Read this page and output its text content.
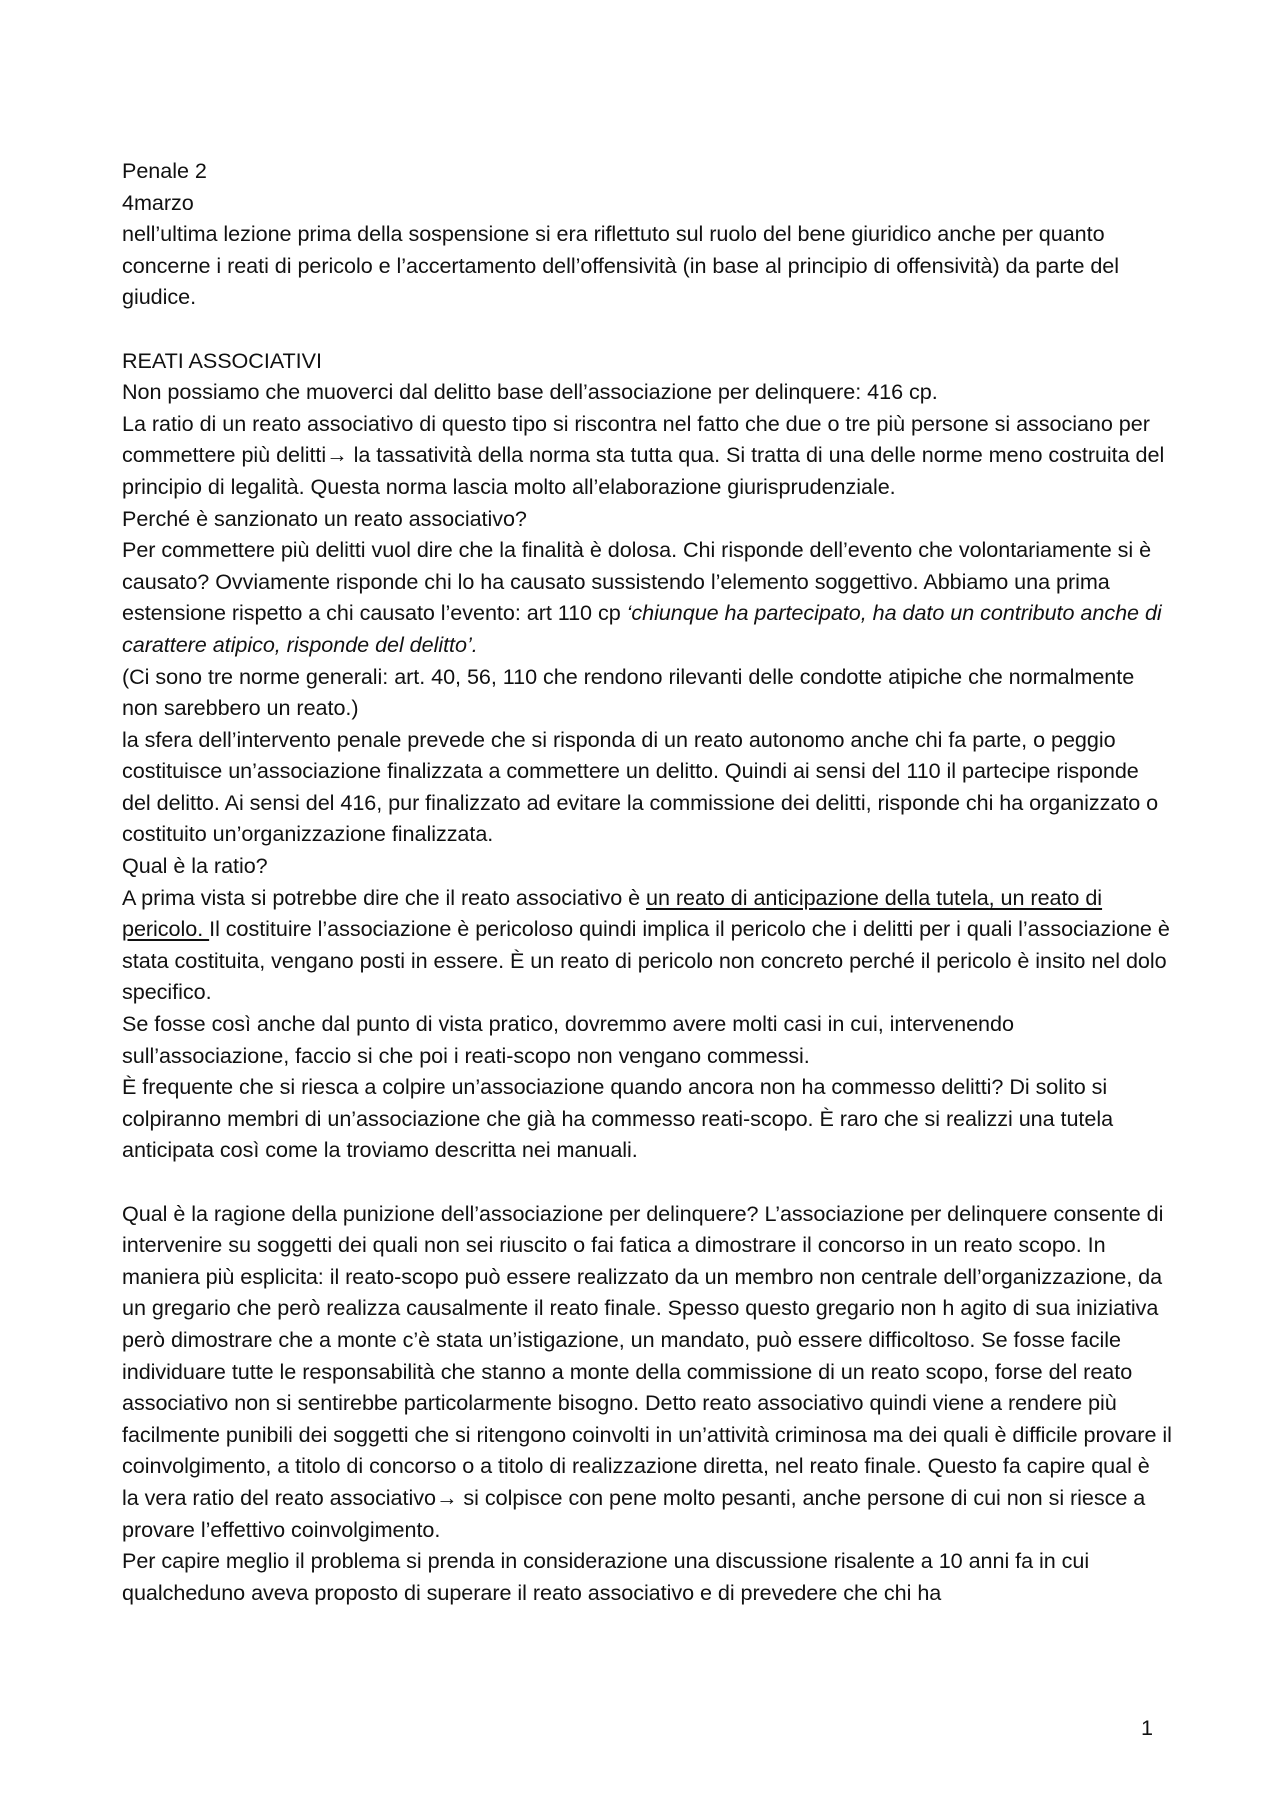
Penale 2

4marzo

nell’ultima lezione prima della sospensione si era riflettuto sul ruolo del bene giuridico anche per quanto concerne i reati di pericolo e l’accertamento dell’offensività (in base al principio di offensività) da parte del giudice.

REATI ASSOCIATIVI

Non possiamo che muoverci dal delitto base dell’associazione per delinquere: 416 cp.

La ratio di un reato associativo di questo tipo si riscontra nel fatto che due o tre più persone si associano per commettere più delitti→ la tassatività della norma sta tutta qua. Si tratta di una delle norme meno costruita del principio di legalità. Questa norma lascia molto all’elaborazione giurisprudenziale.

Perché è sanzionato un reato associativo?

Per commettere più delitti vuol dire che la finalità è dolosa. Chi risponde dell’evento che volontariamente si è causato? Ovviamente risponde chi lo ha causato sussistendo l’elemento soggettivo. Abbiamo una prima estensione rispetto a chi causato l’evento: art 110 cp ‘chiunque ha partecipato, ha dato un contributo anche di carattere atipico, risponde del delitto’.

(Ci sono tre norme generali: art. 40, 56, 110 che rendono rilevanti delle condotte atipiche che normalmente non sarebbero un reato.)

la sfera dell’intervento penale prevede che si risponda di un reato autonomo anche chi fa parte, o peggio costituisce un’associazione finalizzata a commettere un delitto. Quindi ai sensi del 110 il partecipe risponde del delitto. Ai sensi del 416, pur finalizzato ad evitare la commissione dei delitti, risponde chi ha organizzato o costituito un’organizzazione finalizzata.

Qual è la ratio?

A prima vista si potrebbe dire che il reato associativo è un reato di anticipazione della tutela, un reato di pericolo. Il costituire l’associazione è pericoloso quindi implica il pericolo che i delitti per i quali l’associazione è stata costituita, vengano posti in essere. È un reato di pericolo non concreto perché il pericolo è insito nel dolo specifico.

Se fosse così anche dal punto di vista pratico, dovremmo avere molti casi in cui, intervenendo sull’associazione, faccio si che poi i reati-scopo non vengano commessi.

È frequente che si riesca a colpire un’associazione quando ancora non ha commesso delitti? Di solito si colpiranno membri di un’associazione che già ha commesso reati-scopo. È raro che si realizzi una tutela anticipata così come la troviamo descritta nei manuali.

Qual è la ragione della punizione dell’associazione per delinquere? L’associazione per delinquere consente di intervenire su soggetti dei quali non sei riuscito o fai fatica a dimostrare il concorso in un reato scopo. In maniera più esplicita: il reato-scopo può essere realizzato da un membro non centrale dell’organizzazione, da un gregario che però realizza causalmente il reato finale. Spesso questo gregario non h agito di sua iniziativa però dimostrare che a monte c’è stata un’istigazione, un mandato, può essere difficoltoso. Se fosse facile individuare tutte le responsabilità che stanno a monte della commissione di un reato scopo, forse del reato associativo non si sentirebbe particolarmente bisogno. Detto reato associativo quindi viene a rendere più facilmente punibili dei soggetti che si ritengono coinvolti in un’attività criminosa ma dei quali è difficile provare il coinvolgimento, a titolo di concorso o a titolo di realizzazione diretta, nel reato finale. Questo fa capire qual è la vera ratio del reato associativo→ si colpisce con pene molto pesanti, anche persone di cui non si riesce a provare l’effettivo coinvolgimento.

Per capire meglio il problema si prenda in considerazione una discussione risalente a 10 anni fa in cui qualcheduno aveva proposto di superare il reato associativo e di prevedere che chi ha

1
